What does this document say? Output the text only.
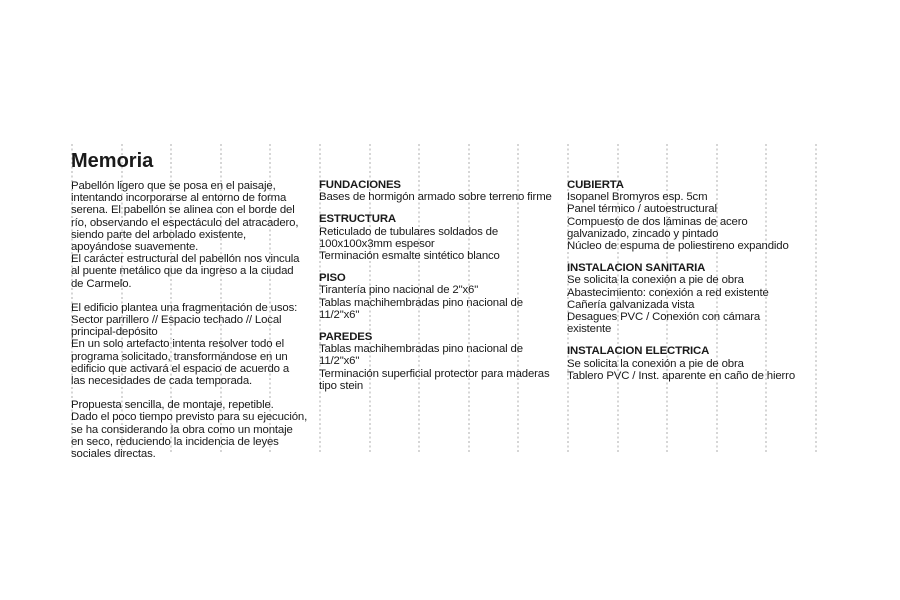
Memoria
Pabellón ligero que se posa en el paisaje,
intentando incorporarse al entorno de forma
serena. El pabellón se alinea con el borde del
río, observando el espectáculo del atracadero,
siendo parte del arbolado existente,
apoyándose suavemente.
El carácter estructural del pabellón nos vincula
al puente metálico que da ingreso a la ciudad
de Carmelo.
El edificio plantea una fragmentación de usos:
Sector parrillero // Espacio techado // Local
principal-depósito
En un solo artefacto intenta resolver todo el
programa solicitado, transformándose en un
edificio que activará el espacio de acuerdo a
las necesidades de cada temporada.
Propuesta sencilla, de montaje, repetible.
Dado el poco tiempo previsto para su ejecución,
se ha considerando la obra como un montaje
en seco, reduciendo la incidencia de leyes
sociales directas.
FUNDACIONES
Bases de hormigón armado sobre terreno firme
ESTRUCTURA
Reticulado de tubulares soldados de
100x100x3mm espesor
Terminación esmalte sintético blanco
PISO
Tirantería pino nacional de 2"x6"
Tablas machihembradas pino nacional de
11/2"x6"
PAREDES
Tablas machihembradas pino nacional de
11/2"x6"
Terminación superficial protector para maderas
tipo stein
CUBIERTA
Isopanel Bromyros esp. 5cm
Panel térmico / autoestructural
Compuesto de dos láminas de acero
galvanizado, zincado y pintado
Núcleo de espuma de poliestireno expandido
INSTALACION SANITARIA
Se solicita la conexión a pie de obra
Abastecimiento: conexión a red existente
Cañería galvanizada vista
Desagues PVC / Conexión con cámara
existente
INSTALACION ELECTRICA
Se solicita la conexión a pie de obra
Tablero PVC / Inst. aparente en caño de hierro
